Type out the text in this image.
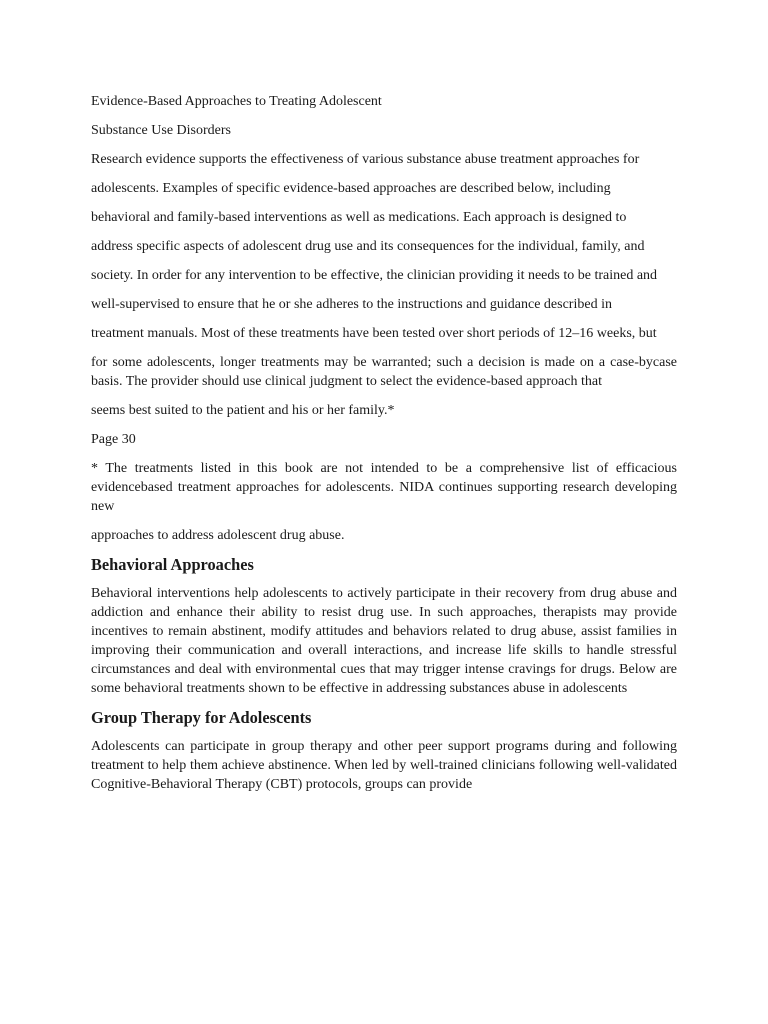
Evidence-Based Approaches to Treating Adolescent

Substance Use Disorders

Research evidence supports the effectiveness of various substance abuse treatment approaches for

adolescents. Examples of specific evidence-based approaches are described below, including

behavioral and family-based interventions as well as medications. Each approach is designed to

address specific aspects of adolescent drug use and its consequences for the individual, family, and

society. In order for any intervention to be effective, the clinician providing it needs to be trained and

well-supervised to ensure that he or she adheres to the instructions and guidance described in

treatment manuals. Most of these treatments have been tested over short periods of 12–16 weeks, but

for some adolescents, longer treatments may be warranted; such a decision is made on a case-bycase basis. The provider should use clinical judgment to select the evidence-based approach that

seems best suited to the patient and his or her family.*

Page 30

* The treatments listed in this book are not intended to be a comprehensive list of efficacious evidencebased treatment approaches for adolescents. NIDA continues supporting research developing new

approaches to address adolescent drug abuse.

Behavioral Approaches

Behavioral interventions help adolescents to actively participate in their recovery from drug abuse and addiction and enhance their ability to resist drug use. In such approaches, therapists may provide incentives to remain abstinent, modify attitudes and behaviors related to drug abuse, assist families in improving their communication and overall interactions, and increase life skills to handle stressful circumstances and deal with environmental cues that may trigger intense cravings for drugs. Below are some behavioral treatments shown to be effective in addressing substances abuse in adolescents

Group Therapy for Adolescents

Adolescents can participate in group therapy and other peer support programs during and following treatment to help them achieve abstinence. When led by well-trained clinicians following well-validated Cognitive-Behavioral Therapy (CBT) protocols, groups can provide
